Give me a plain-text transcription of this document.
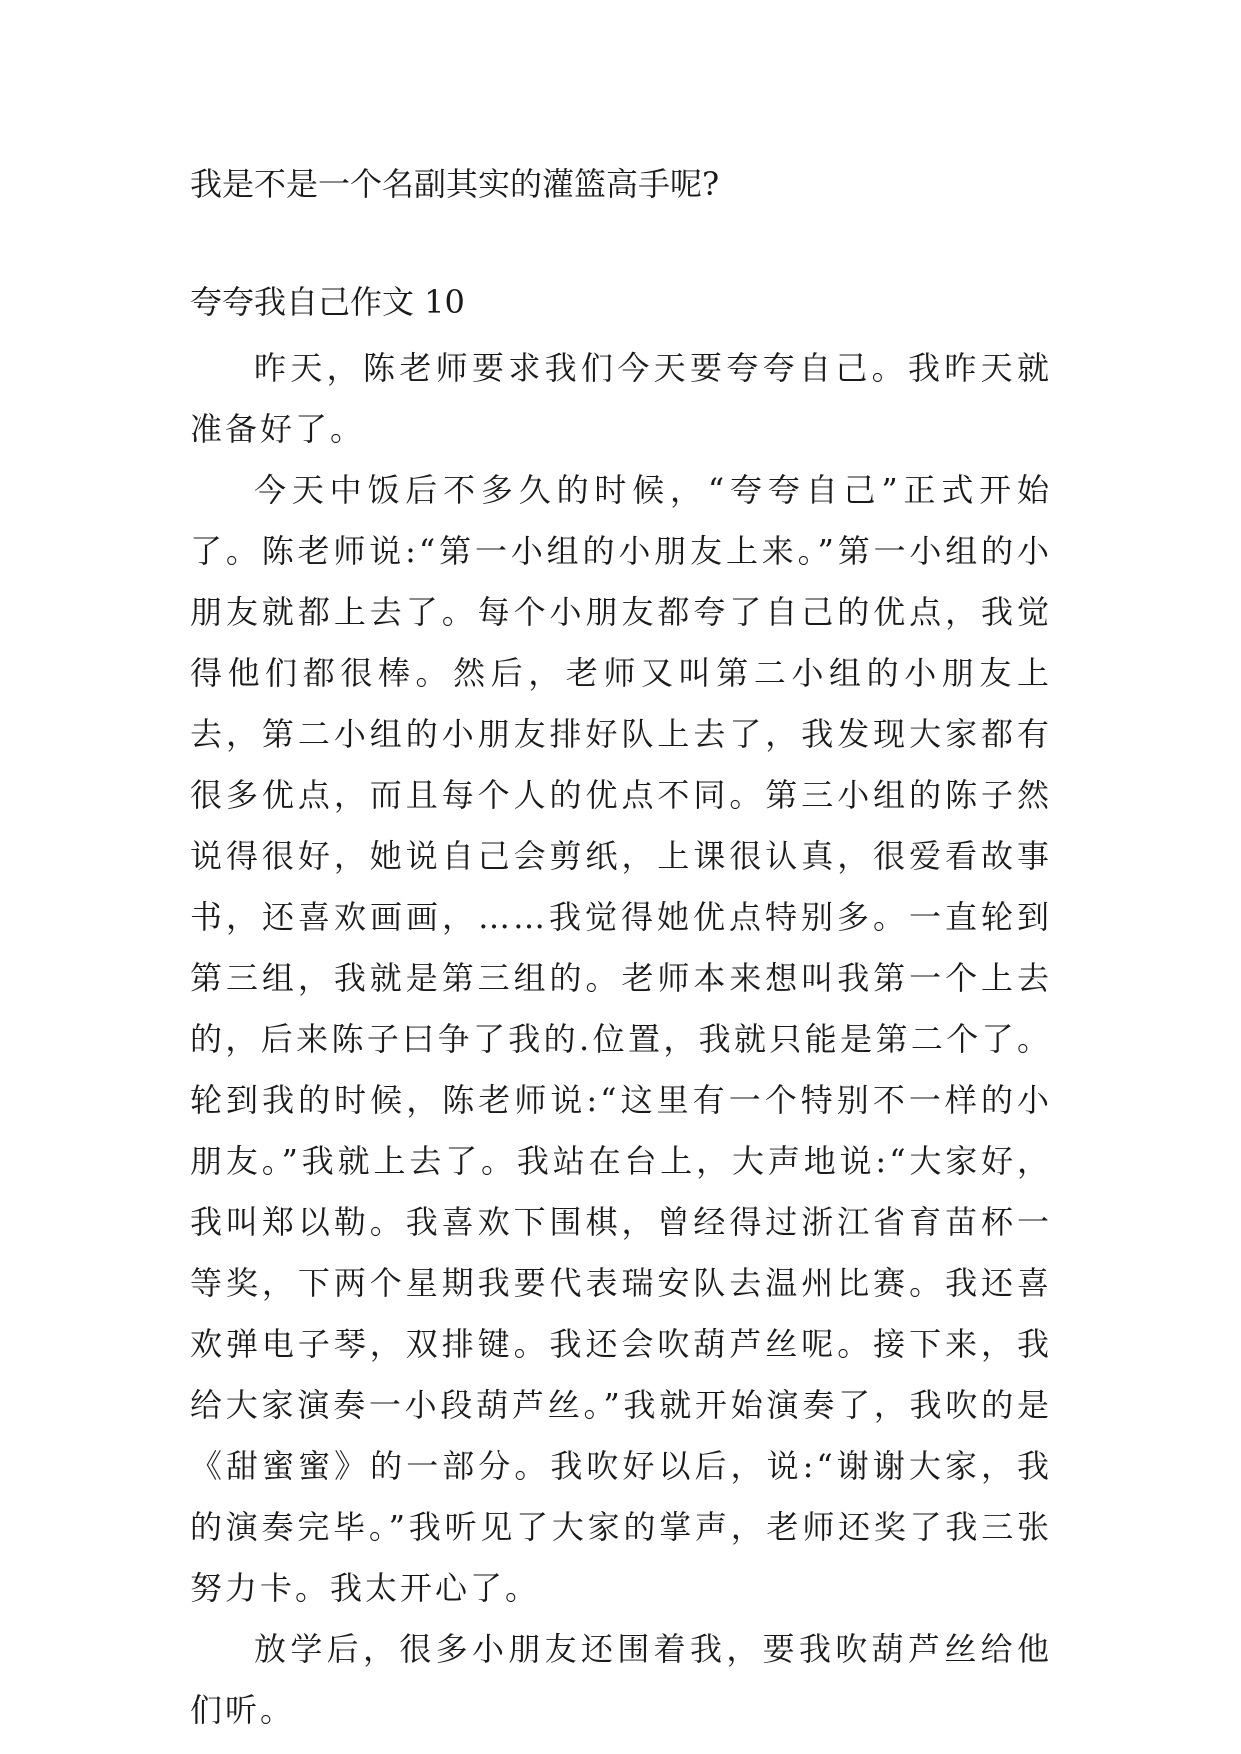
我是不是一个名副其实的灌篮高手呢?
夸夸我自己作文 10

昨天，陈老师要求我们今天要夸夸自己。我昨天就准备好了。

今天中饭后不多久的时候，“夸夸自己”正式开始了。陈老师说:“第一小组的小朋友上来。”第一小组的小朋友就都上去了。每个小朋友都夸了自己的优点，我觉得他们都很棒。然后，老师又叫第二小组的小朋友上去，第二小组的小朋友排好队上去了，我发现大家都有很多优点，而且每个人的优点不同。第三小组的陈子然说得很好，她说自己会剪纸，上课很认真，很爱看故事书，还喜欢画画，……我觉得她优点特别多。一直轮到第三组，我就是第三组的。老师本来想叫我第一个上去的，后来陈子曰争了我的.位置，我就只能是第二个了。轮到我的时候，陈老师说:“这里有一个特别不一样的小朋友。”我就上去了。我站在台上，大声地说:“大家好，我叫郑以勒。我喜欢下围棋，曾经得过浙江省育苗杯一等奖，下两个星期我要代表瑞安队去温州比赛。我还喜欢弹电子琴，双排键。我还会吹葫芦丝呢。接下来，我给大家演奏一小段葫芦丝。”我就开始演奏了，我吹的是《甜蜜蜜》的一部分。我吹好以后，说:“谢谢大家，我的演奏完毕。”我听见了大家的掌声，老师还奖了我三张努力卡。我太开心了。

放学后，很多小朋友还围着我，要我吹葫芦丝给他们听。
